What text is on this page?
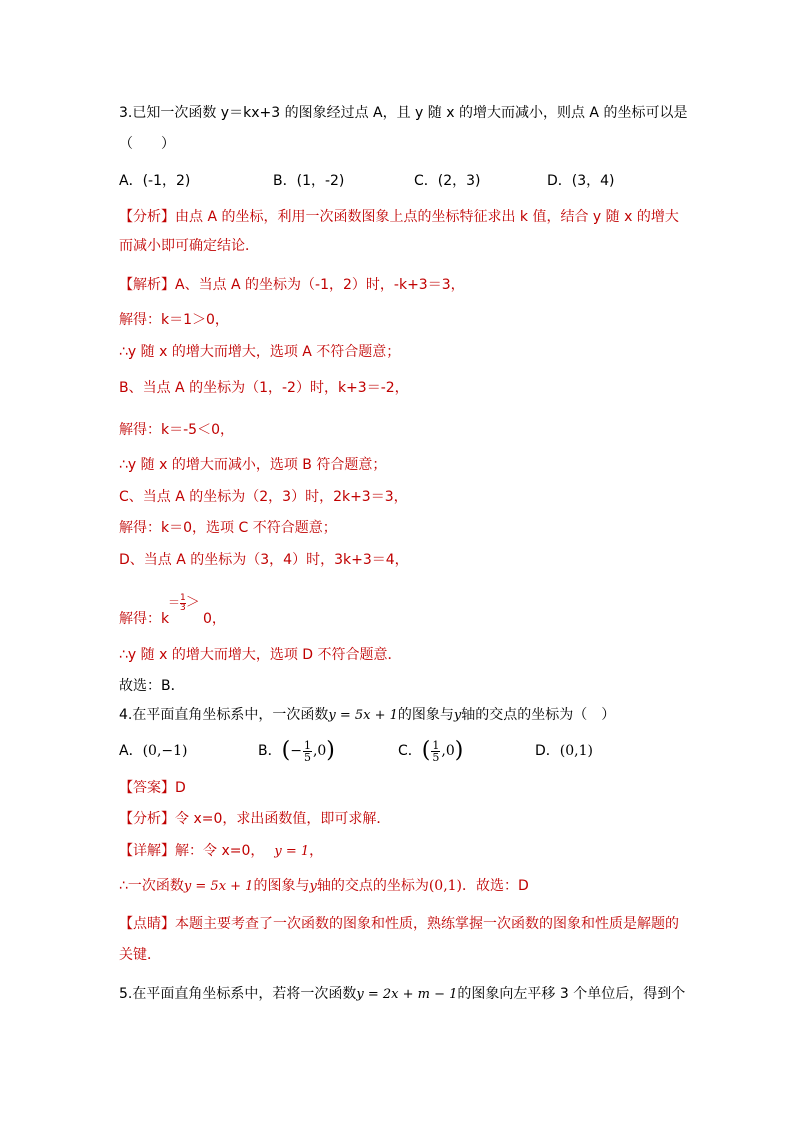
3.已知一次函数 y＝kx+3 的图象经过点 A，且 y 随 x 的增大而减小，则点 A 的坐标可以是
（　　）
A．(-1，2)	B．(1，-2)	C．(2，3)	D．(3，4)
【分析】由点 A 的坐标，利用一次函数图象上点的坐标特征求出 k 值，结合 y 随 x 的增大
而减小即可确定结论．
【解析】A、当点 A 的坐标为（-1，2）时，-k+3＝3，
解得：k＝1＞0，
∴y 随 x 的增大而增大，选项 A 不符合题意；
B、当点 A 的坐标为（1，-2）时，k+3＝-2，
解得：k＝-5＜0，
∴y 随 x 的增大而减小，选项 B 符合题意；
C、当点 A 的坐标为（2，3）时，2k+3＝3，
解得：k＝0，选项 C 不符合题意；
D、当点 A 的坐标为（3，4）时，3k+3＝4，
解得：k
＝ $\frac{1}{3}$ ＞
0，
∴y 随 x 的增大而增大，选项 D 不符合题意．
故选：B．
4.在平面直角坐标系中，一次函数y = 5x + 1的图象与y轴的交点的坐标为（　）
A．(0,−1)	B．(− $\frac{1}{5} ,0$)	C．( $\frac{1}{5} ,0$)	D．(0,1)
【答案】D
【分析】令 x=0，求出函数值，即可求解．
【详解】解：令 x=0， y = 1，
∴一次函数y = 5x + 1的图象与y轴的交点的坐标为(0,1)．故选：D
【点睛】本题主要考查了一次函数的图象和性质，熟练掌握一次函数的图象和性质是解题的
关键．
5.在平面直角坐标系中，若将一次函数y = 2x + m − 1的图象向左平移 3 个单位后，得到个
